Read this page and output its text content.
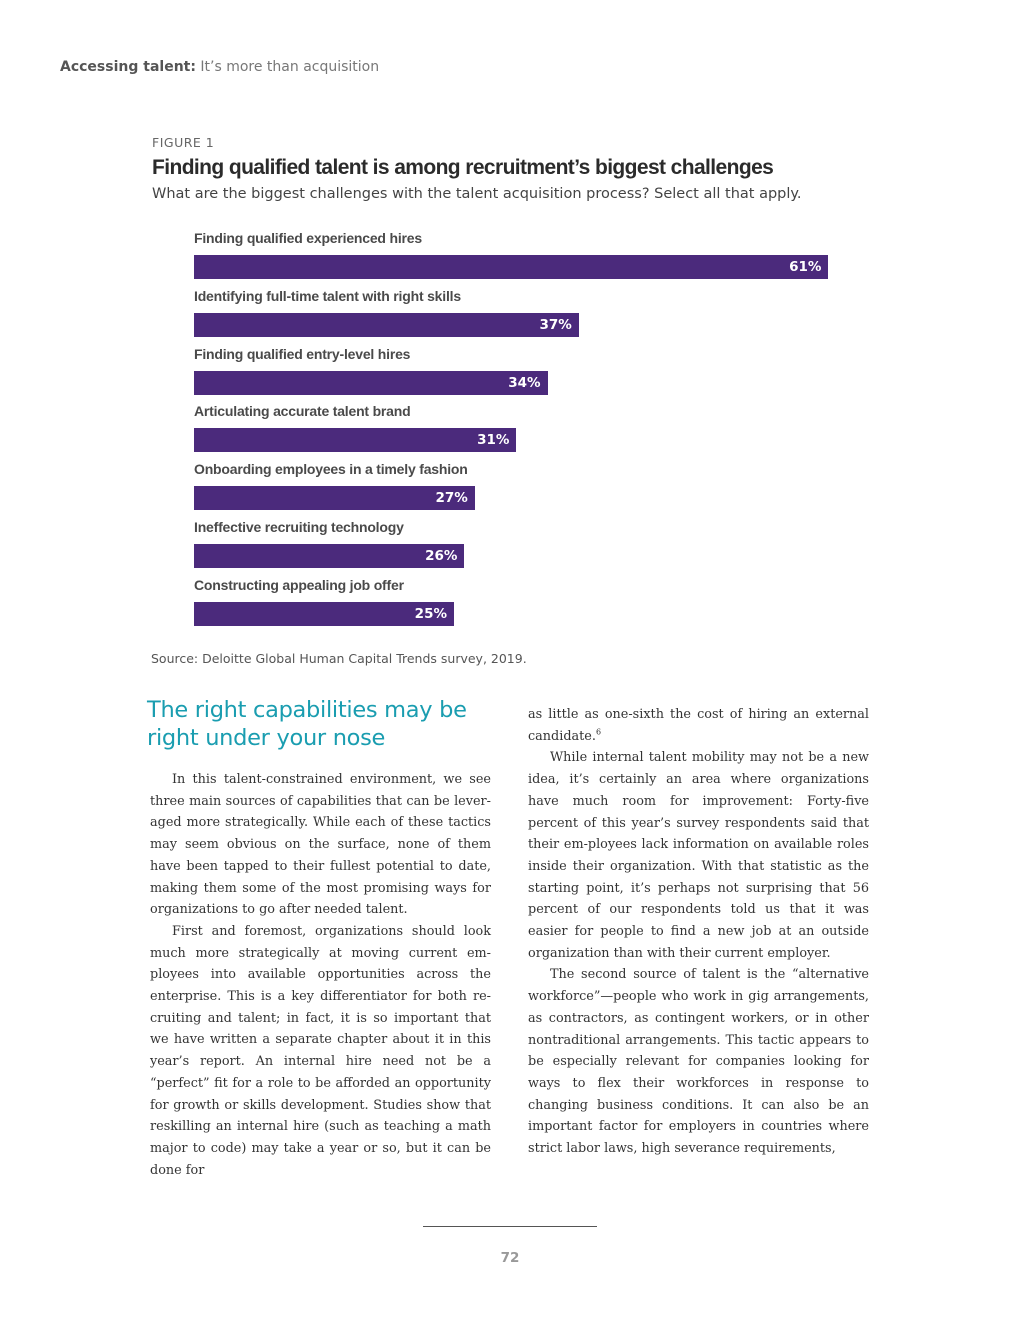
Accessing talent: It’s more than acquisition
FIGURE 1
Finding qualified talent is among recruitment’s biggest challenges
What are the biggest challenges with the talent acquisition process? Select all that apply.
Finding qualified experienced hires
61%
Identifying full-time talent with right skills
37%
Finding qualified entry-level hires
34%
Articulating accurate talent brand
31%
Onboarding employees in a timely fashion
27%
Ineffective recruiting technology
26%
Constructing appealing job offer
25%
Source: Deloitte Global Human Capital Trends survey, 2019.
The right capabilities may be right under your nose

In this talent-constrained environment, we see three main sources of capabilities that can be lever-aged more strategically. While each of these tactics may seem obvious on the surface, none of them have been tapped to their fullest potential to date, making them some of the most promising ways for organizations to go after needed talent.

First and foremost, organizations should look much more strategically at moving current em-ployees into available opportunities across the enterprise. This is a key differentiator for both re-cruiting and talent; in fact, it is so important that we have written a separate chapter about it in this year’s report. An internal hire need not be a “perfect” fit for a role to be afforded an opportunity for growth or skills development. Studies show that reskilling an internal hire (such as teaching a math major to code) may take a year or so, but it can be done for

as little as one-sixth the cost of hiring an external candidate.$^6$

While internal talent mobility may not be a new idea, it’s certainly an area where organizations have much room for improvement: Forty-five percent of this year’s survey respondents said that their em-ployees lack information on available roles inside their organization. With that statistic as the starting point, it’s perhaps not surprising that 56 percent of our respondents told us that it was easier for people to find a new job at an outside organization than with their current employer.

The second source of talent is the “alternative workforce”—people who work in gig arrangements, as contractors, as contingent workers, or in other nontraditional arrangements. This tactic appears to be especially relevant for companies looking for ways to flex their workforces in response to changing business conditions. It can also be an important factor for employers in countries where strict labor laws, high severance requirements,

72
